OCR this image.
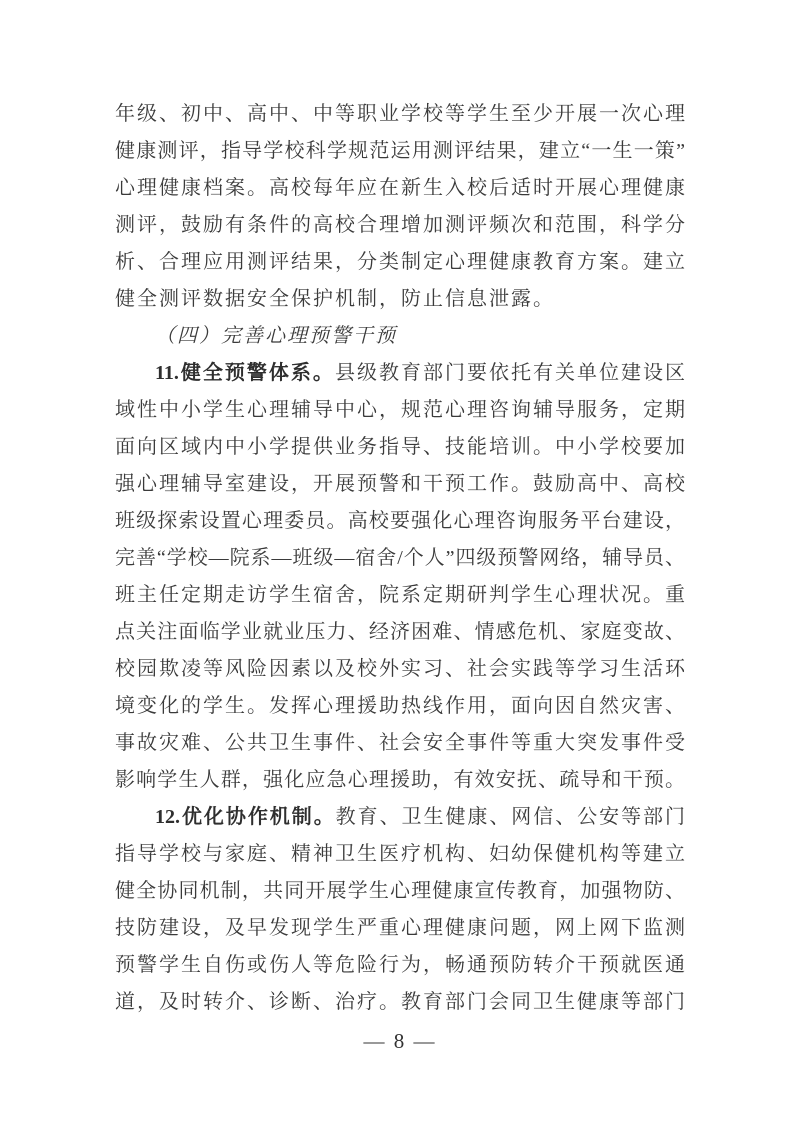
年级、初中、高中、中等职业学校等学生至少开展一次心理
健康测评，指导学校科学规范运用测评结果，建立“一生一策”
心理健康档案。高校每年应在新生入校后适时开展心理健康
测评，鼓励有条件的高校合理增加测评频次和范围，科学分
析、合理应用测评结果，分类制定心理健康教育方案。建立
健全测评数据安全保护机制，防止信息泄露。
（四）完善心理预警干预
11.健全预警体系。县级教育部门要依托有关单位建设区
域性中小学生心理辅导中心，规范心理咨询辅导服务，定期
面向区域内中小学提供业务指导、技能培训。中小学校要加
强心理辅导室建设，开展预警和干预工作。鼓励高中、高校
班级探索设置心理委员。高校要强化心理咨询服务平台建设，
完善“学校—院系—班级—宿舍/个人”四级预警网络，辅导员、
班主任定期走访学生宿舍，院系定期研判学生心理状况。重
点关注面临学业就业压力、经济困难、情感危机、家庭变故、
校园欺凌等风险因素以及校外实习、社会实践等学习生活环
境变化的学生。发挥心理援助热线作用，面向因自然灾害、
事故灾难、公共卫生事件、社会安全事件等重大突发事件受
影响学生人群，强化应急心理援助，有效安抚、疏导和干预。
12.优化协作机制。教育、卫生健康、网信、公安等部门
指导学校与家庭、精神卫生医疗机构、妇幼保健机构等建立
健全协同机制，共同开展学生心理健康宣传教育，加强物防、
技防建设，及早发现学生严重心理健康问题，网上网下监测
预警学生自伤或伤人等危险行为，畅通预防转介干预就医通
道，及时转介、诊断、治疗。教育部门会同卫生健康等部门
— 8 —
